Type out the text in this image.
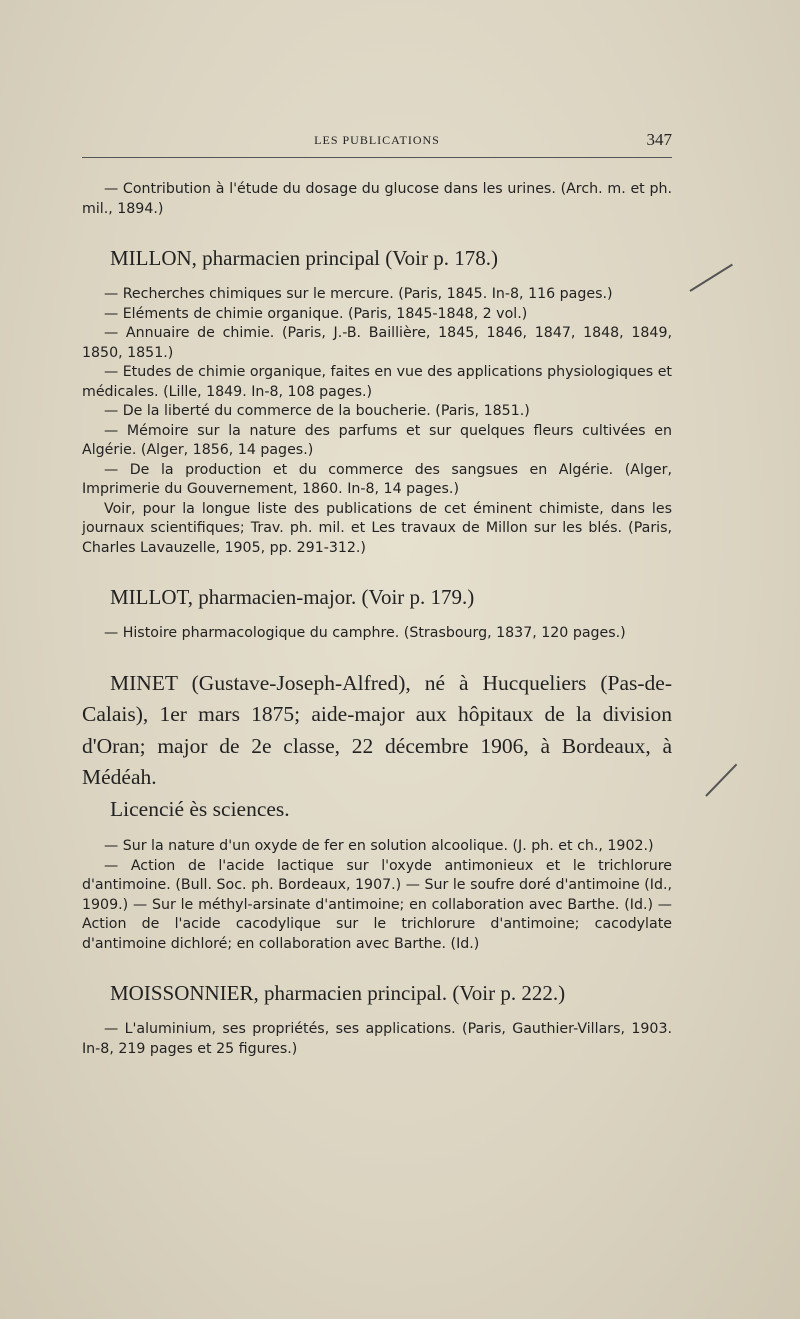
LES PUBLICATIONS	347

— Contribution à l'étude du dosage du glucose dans les urines. (Arch. m. et ph. mil., 1894.)

MILLON, pharmacien principal (Voir p. 178.)

— Recherches chimiques sur le mercure. (Paris, 1845. In-8, 116 pages.)

— Eléments de chimie organique. (Paris, 1845-1848, 2 vol.)

— Annuaire de chimie. (Paris, J.-B. Baillière, 1845, 1846, 1847, 1848, 1849, 1850, 1851.)

— Etudes de chimie organique, faites en vue des applications physiologiques et médicales. (Lille, 1849. In-8, 108 pages.)

— De la liberté du commerce de la boucherie. (Paris, 1851.)

— Mémoire sur la nature des parfums et sur quelques fleurs cultivées en Algérie. (Alger, 1856, 14 pages.)

— De la production et du commerce des sangsues en Algérie. (Alger, Imprimerie du Gouvernement, 1860. In-8, 14 pages.)

Voir, pour la longue liste des publications de cet éminent chimiste, dans les journaux scientifiques; Trav. ph. mil. et Les travaux de Millon sur les blés. (Paris, Charles Lavauzelle, 1905, pp. 291-312.)

MILLOT, pharmacien-major. (Voir p. 179.)

— Histoire pharmacologique du camphre. (Strasbourg, 1837, 120 pages.)

MINET (Gustave-Joseph-Alfred), né à Hucqueliers (Pas-de-Calais), 1er mars 1875; aide-major aux hôpitaux de la division d'Oran; major de 2e classe, 22 décembre 1906, à Bordeaux, à Médéah.

Licencié ès sciences.

— Sur la nature d'un oxyde de fer en solution alcoolique. (J. ph. et ch., 1902.)

— Action de l'acide lactique sur l'oxyde antimonieux et le trichlorure d'antimoine. (Bull. Soc. ph. Bordeaux, 1907.) — Sur le soufre doré d'antimoine (Id., 1909.) — Sur le méthyl-arsinate d'antimoine; en collaboration avec Barthe. (Id.) — Action de l'acide cacodylique sur le trichlorure d'antimoine; cacodylate d'antimoine dichloré; en collaboration avec Barthe. (Id.)

MOISSONNIER, pharmacien principal. (Voir p. 222.)

— L'aluminium, ses propriétés, ses applications. (Paris, Gauthier-Villars, 1903. In-8, 219 pages et 25 figures.)
